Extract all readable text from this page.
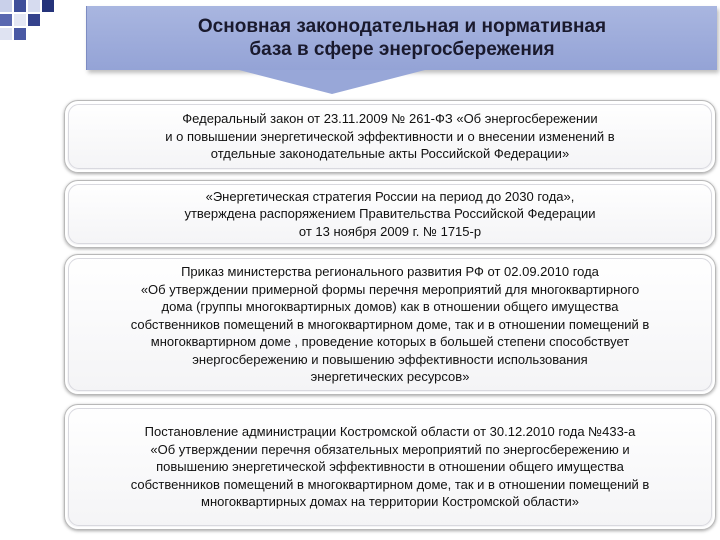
Основная законодательная и нормативная
база в сфере энергосбережения
Федеральный закон от 23.11.2009 № 261-ФЗ «Об энергосбережении
и о повышении энергетической эффективности и о внесении изменений в
отдельные законодательные акты Российской Федерации»
«Энергетическая стратегия России на период до 2030 года»,
утверждена распоряжением Правительства Российской Федерации
от 13 ноября 2009 г. № 1715-р
Приказ министерства регионального развития РФ от 02.09.2010 года
«Об утверждении примерной формы перечня мероприятий для многоквартирного
дома (группы многоквартирных домов) как в отношении общего имущества
собственников помещений в многоквартирном доме, так и в отношении помещений в
многоквартирном доме , проведение которых в большей степени способствует
энергосбережению и повышению эффективности использования
энергетических ресурсов»
Постановление администрации Костромской области от 30.12.2010 года №433-а
«Об утверждении перечня обязательных мероприятий по энергосбережению и
повышению энергетической эффективности в отношении общего имущества
собственников помещений в многоквартирном доме, так и в отношении помещений в
многоквартирных домах на территории Костромской области»
